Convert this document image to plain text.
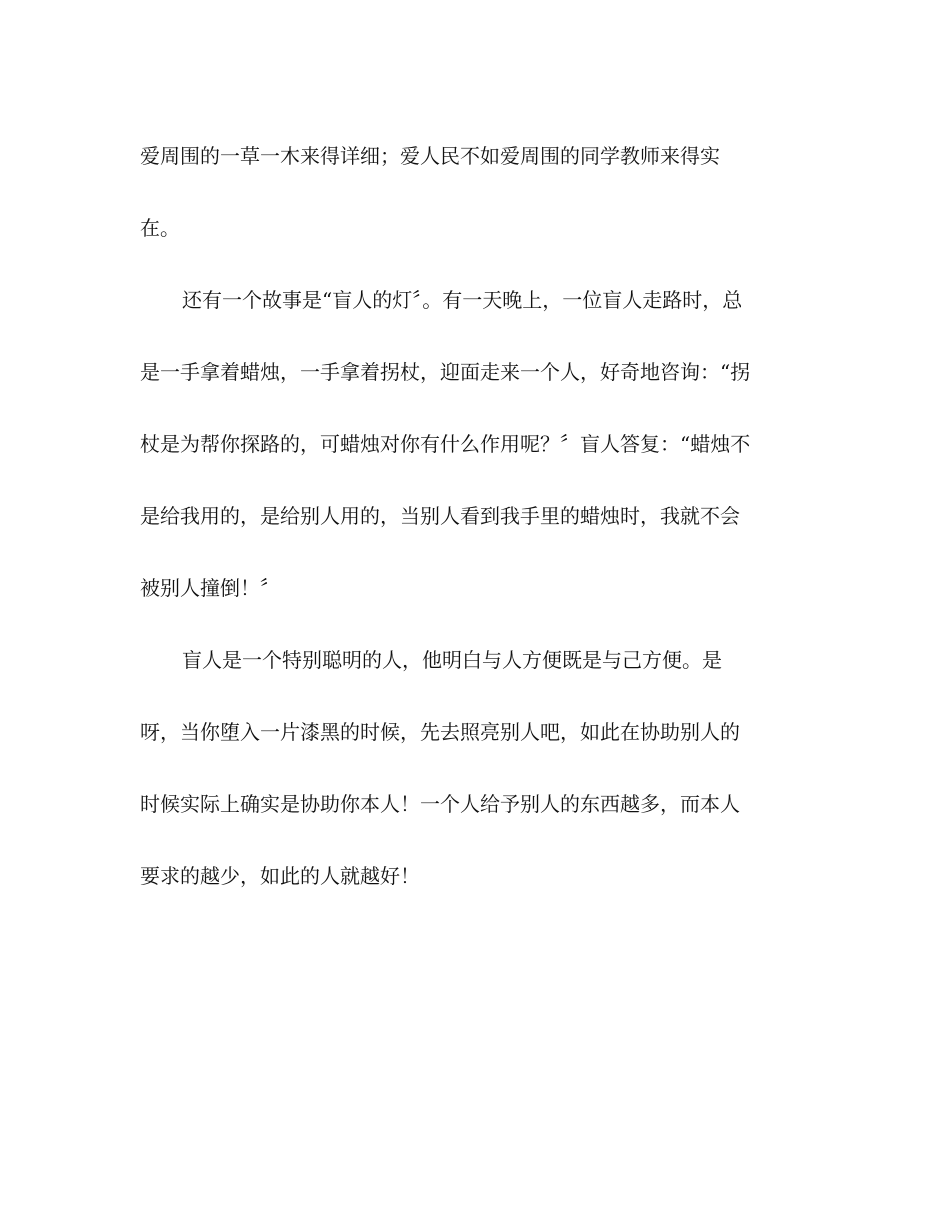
爱周围的一草一木来得详细；爱人民不如爱周围的同学教师来得实
在。

还有一个故事是“盲人的灯〞。有一天晚上，一位盲人走路时，总
是一手拿着蜡烛，一手拿着拐杖，迎面走来一个人，好奇地咨询：“拐
杖是为帮你探路的，可蜡烛对你有什么作用呢？〞盲人答复：“蜡烛不
是给我用的，是给别人用的，当别人看到我手里的蜡烛时，我就不会
被别人撞倒！〞

盲人是一个特别聪明的人，他明白与人方便既是与己方便。是
呀，当你堕入一片漆黑的时候，先去照亮别人吧，如此在协助别人的
时候实际上确实是协助你本人！一个人给予别人的东西越多，而本人
要求的越少，如此的人就越好！
